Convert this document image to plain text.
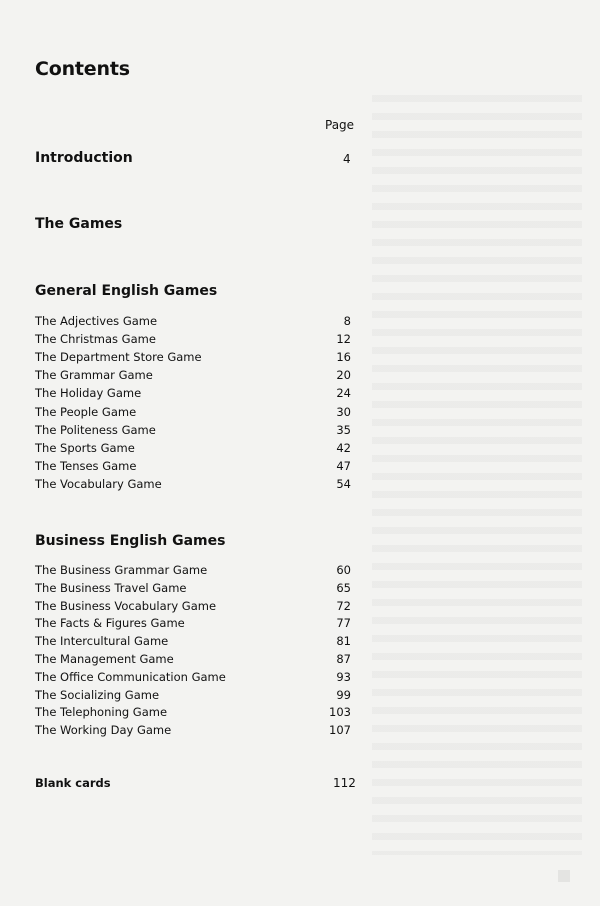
Contents
Page
Introduction	4
The Games
General English Games
The Adjectives Game	8
The Christmas Game	12
The Department Store Game	16
The Grammar Game	20
The Holiday Game	24
The People Game	30
The Politeness Game	35
The Sports Game	42
The Tenses Game	47
The Vocabulary Game	54
Business English Games
The Business Grammar Game	60
The Business Travel Game	65
The Business Vocabulary Game	72
The Facts & Figures Game	77
The Intercultural Game	81
The Management Game	87
The Office Communication Game	93
The Socializing Game	99
The Telephoning Game	103
The Working Day Game	107
Blank cards	112
